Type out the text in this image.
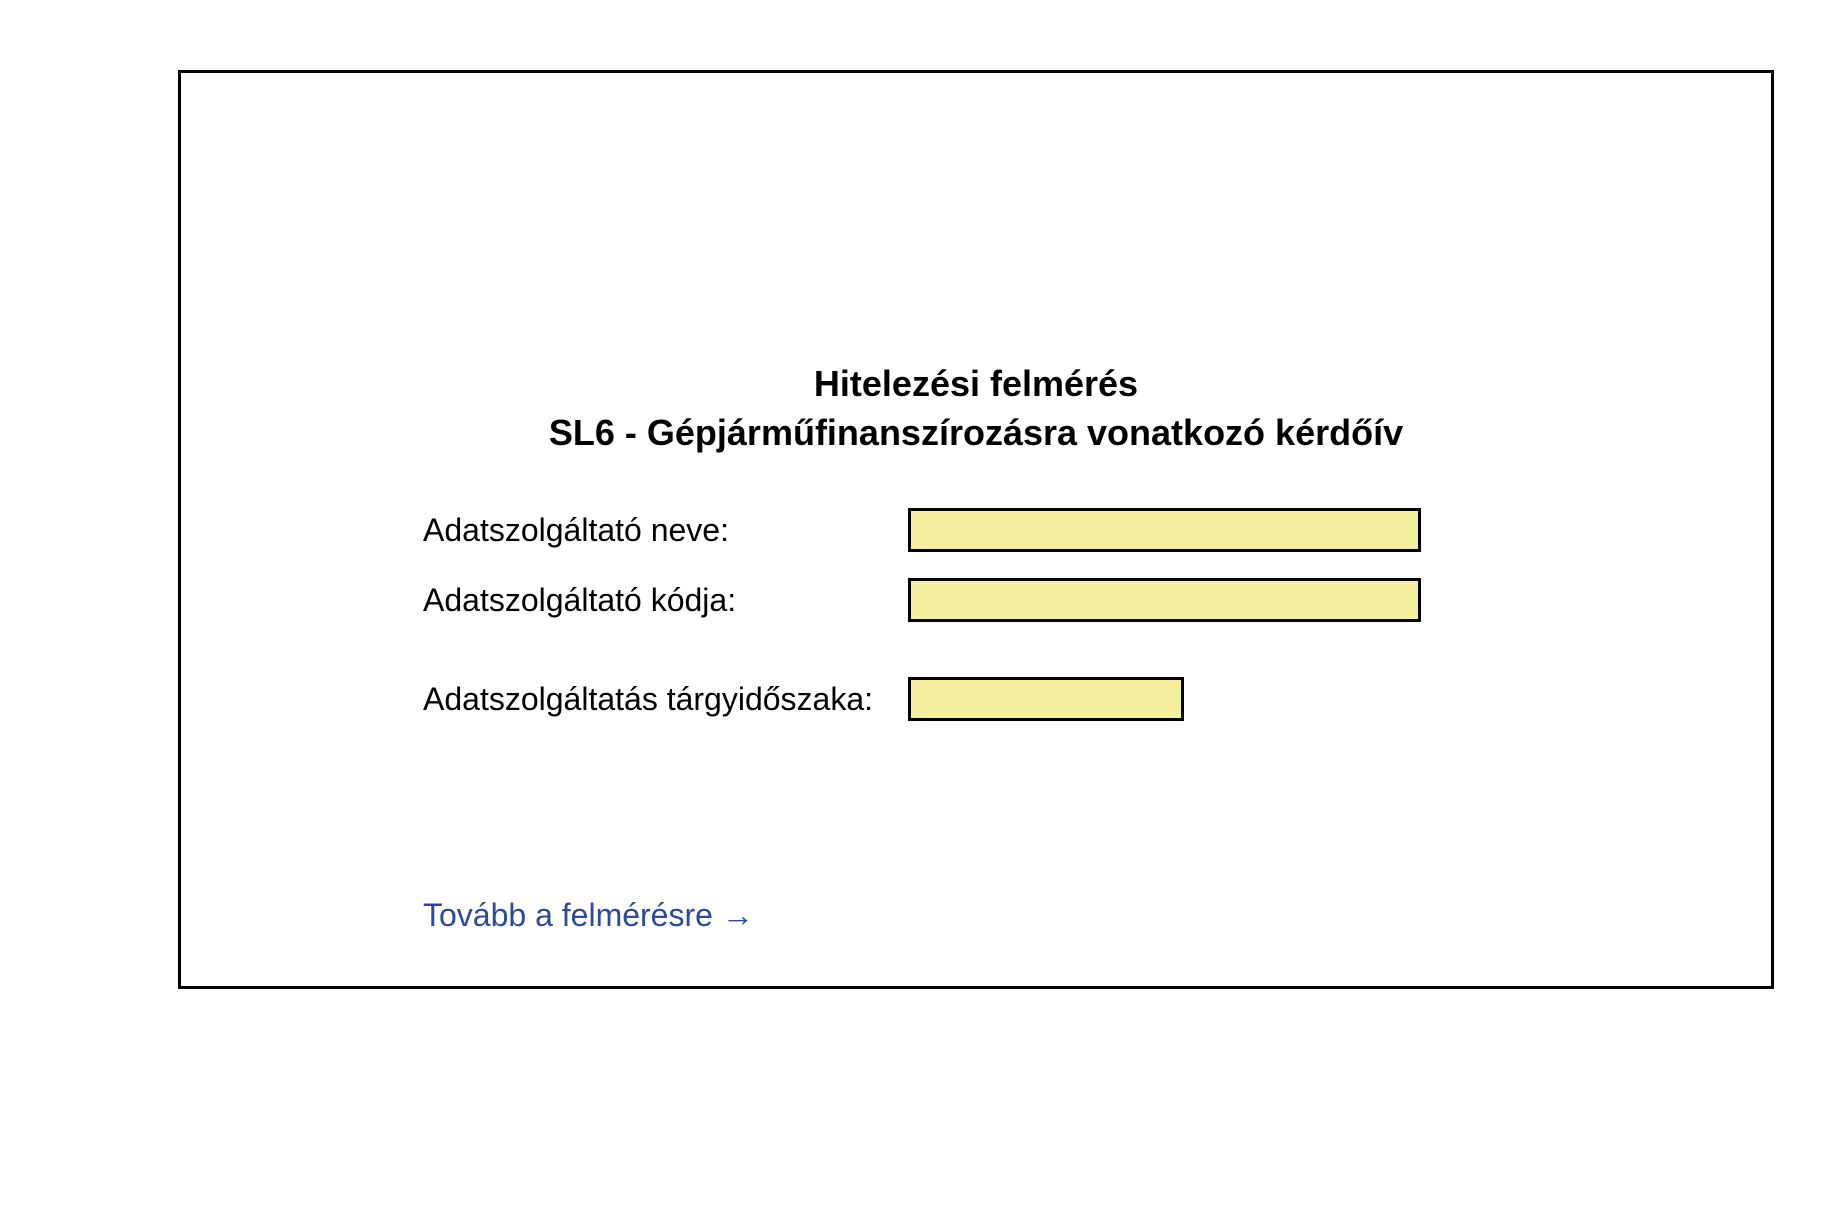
Hitelezési felmérés
SL6 - Gépjárműfinanszírozásra vonatkozó kérdőív
Adatszolgáltató neve:
Adatszolgáltató kódja:
Adatszolgáltatás tárgyidőszaka:
Tovább a felmérésre →
